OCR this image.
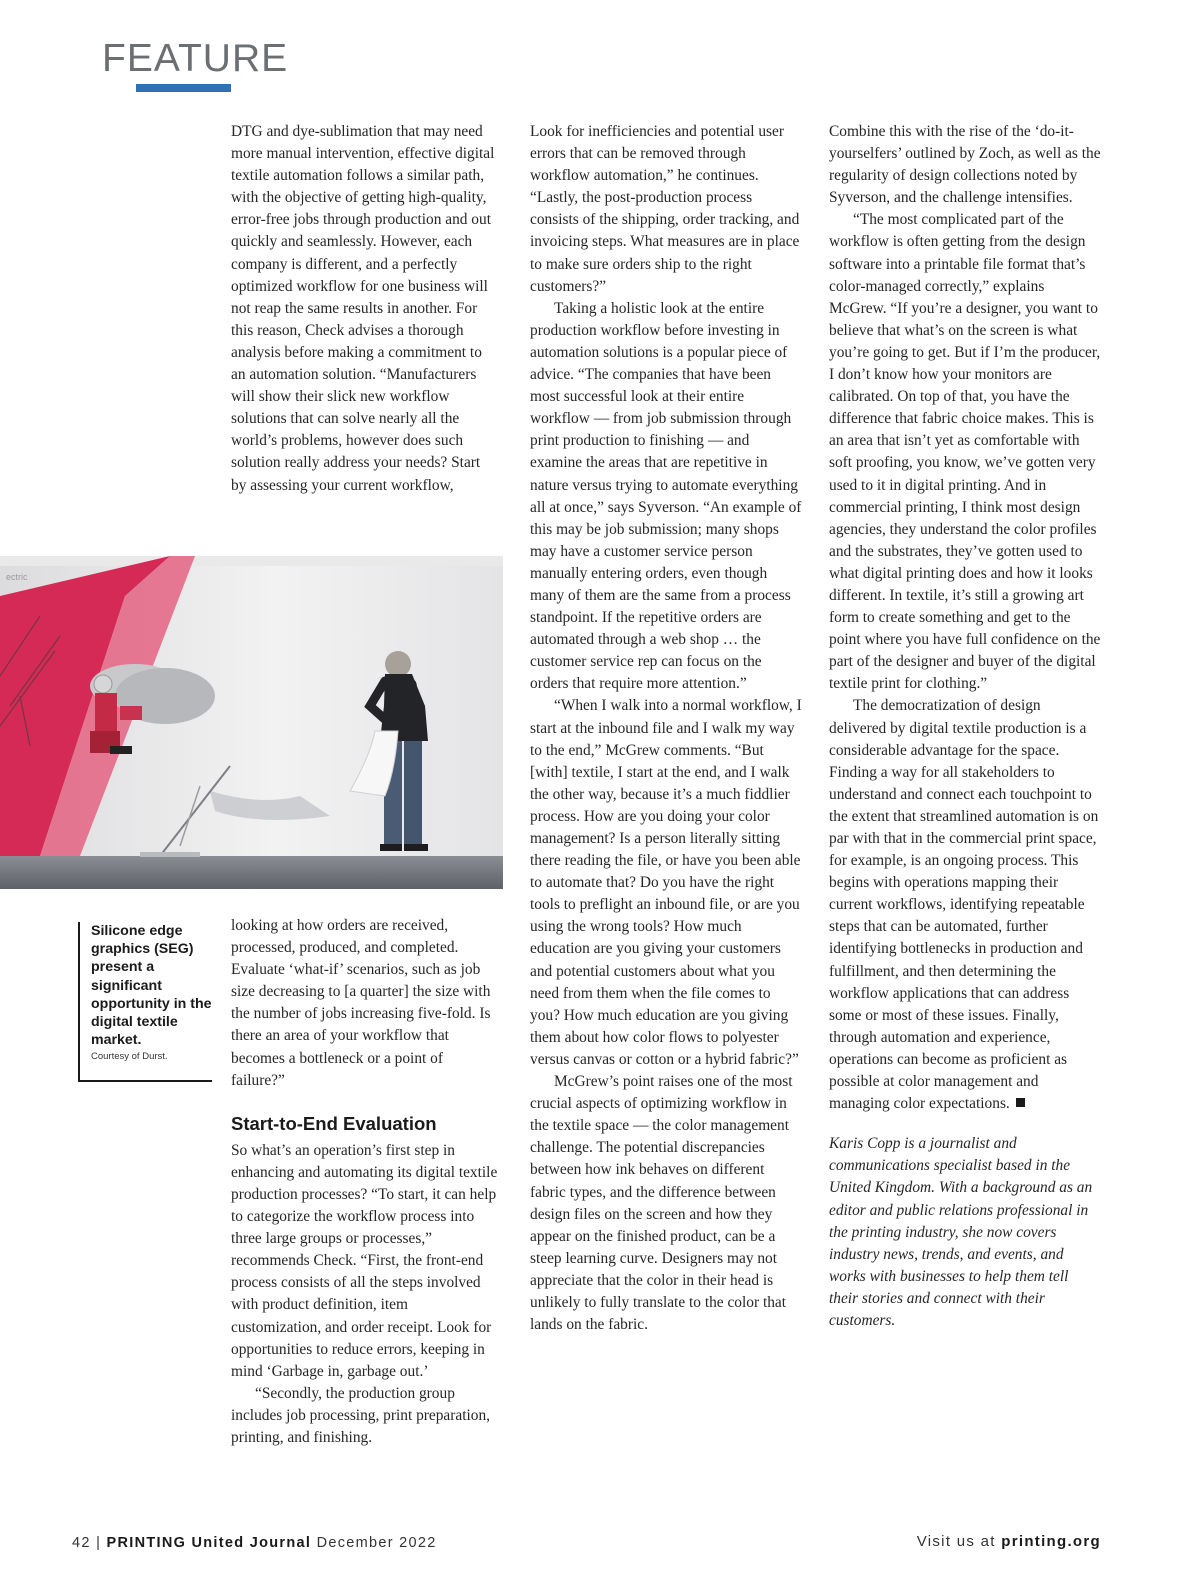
FEATURE

DTG and dye-sublimation that may need more manual intervention, effective digital textile automation follows a similar path, with the objective of getting high-quality, error-free jobs through production and out quickly and seamlessly. However, each company is different, and a perfectly optimized workflow for one business will not reap the same results in another. For this reason, Check advises a thorough analysis before making a commitment to an automation solution. “Manufacturers will show their slick new workflow solutions that can solve nearly all the world’s problems, however does such solution really address your needs? Start by assessing your current workflow,

ectric

Silicone edge graphics (SEG) present a significant opportunity in the digital textile market.

Courtesy of Durst.

looking at how orders are received, processed, produced, and completed. Evaluate ‘what-if’ scenarios, such as job size decreasing to [a quarter] the size with the number of jobs increasing five-fold. Is there an area of your workflow that becomes a bottleneck or a point of failure?”

Start-to-End Evaluation

So what’s an operation’s first step in enhancing and automating its digital textile production processes? “To start, it can help to categorize the workflow process into three large groups or processes,” recommends Check. “First, the front-end process consists of all the steps involved with product definition, item customization, and order receipt. Look for opportunities to reduce errors, keeping in mind ‘Garbage in, garbage out.’

“Secondly, the production group includes job processing, print preparation, printing, and finishing.

Look for inefficiencies and potential user errors that can be removed through workflow automation,” he continues. “Lastly, the post-production process consists of the shipping, order tracking, and invoicing steps. What measures are in place to make sure orders ship to the right customers?”

Taking a holistic look at the entire production workflow before investing in automation solutions is a popular piece of advice. “The companies that have been most successful look at their entire workflow — from job submission through print production to finishing — and examine the areas that are repetitive in nature versus trying to automate everything all at once,” says Syverson. “An example of this may be job submission; many shops may have a customer service person manually entering orders, even though many of them are the same from a process standpoint. If the repetitive orders are automated through a web shop … the customer service rep can focus on the orders that require more attention.”

“When I walk into a normal workflow, I start at the inbound file and I walk my way to the end,” McGrew comments. “But [with] textile, I start at the end, and I walk the other way, because it’s a much fiddlier process. How are you doing your color management? Is a person literally sitting there reading the file, or have you been able to automate that? Do you have the right tools to preflight an inbound file, or are you using the wrong tools? How much education are you giving your customers and potential customers about what you need from them when the file comes to you? How much education are you giving them about how color flows to polyester versus canvas or cotton or a hybrid fabric?”

McGrew’s point raises one of the most crucial aspects of optimizing workflow in the textile space — the color management challenge. The potential discrepancies between how ink behaves on different fabric types, and the difference between design files on the screen and how they appear on the finished product, can be a steep learning curve. Designers may not appreciate that the color in their head is unlikely to fully translate to the color that lands on the fabric.

Combine this with the rise of the ‘do-it-yourselfers’ outlined by Zoch, as well as the regularity of design collections noted by Syverson, and the challenge intensifies.

“The most complicated part of the workflow is often getting from the design software into a printable file format that’s color-managed correctly,” explains McGrew. “If you’re a designer, you want to believe that what’s on the screen is what you’re going to get. But if I’m the producer, I don’t know how your monitors are calibrated. On top of that, you have the difference that fabric choice makes. This is an area that isn’t yet as comfortable with soft proofing, you know, we’ve gotten very used to it in digital printing. And in commercial printing, I think most design agencies, they understand the color profiles and the substrates, they’ve gotten used to what digital printing does and how it looks different. In textile, it’s still a growing art form to create something and get to the point where you have full confidence on the part of the designer and buyer of the digital textile print for clothing.”

The democratization of design delivered by digital textile production is a considerable advantage for the space. Finding a way for all stakeholders to understand and connect each touchpoint to the extent that streamlined automation is on par with that in the commercial print space, for example, is an ongoing process. This begins with operations mapping their current workflows, identifying repeatable steps that can be automated, further identifying bottlenecks in production and fulfillment, and then determining the workflow applications that can address some or most of these issues. Finally, through automation and experience, operations can become as proficient as possible at color management and managing color expectations.

Karis Copp is a journalist and communications specialist based in the United Kingdom. With a background as an editor and public relations professional in the printing industry, she now covers industry news, trends, and events, and works with businesses to help them tell their stories and connect with their customers.

42 | PRINTING United Journal December 2022	Visit us at printing.org
